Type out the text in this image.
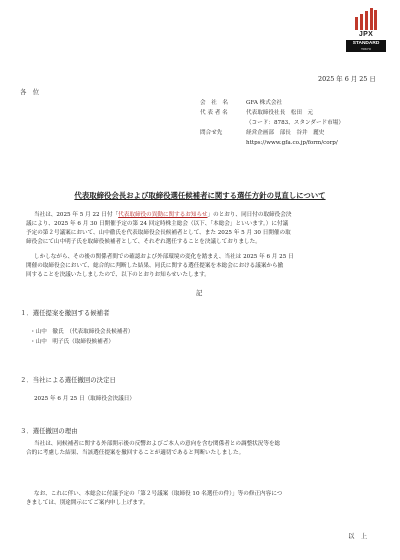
JPX
STANDARD
TOKYO
2025 年 6 月 25 日
各　位
会　社　名	GFA 株式会社
代 表 者 名	代表取締役社長　松田　元
（コード：8783、スタンダード市場）
問合せ先	経営企画部　部長　谷井　麗史
https://www.gfa.co.jp/form/corp/
代表取締役会長および取締役選任候補者に関する選任方針の見直しについて
当社は、2025 年 5 月 22 日付「代表取締役の異動に関するお知らせ」のとおり、同日付の取締役会決
議により、2025 年 6 月 30 日開催予定の第 24 回定時株主総会（以下、「本総会」といいます。）に付議
予定の第２号議案において、山中徹氏を代表取締役会長候補者として、また 2025 年 5 月 30 日開催の取
締役会にて山中明子氏を取締役候補者として、それぞれ選任することを決議しておりました。
しかしながら、その後の関係者間での確認および外部環境の変化を踏まえ、当社は 2025 年 6 月 25 日
開催の取締役会において、総合的に判断した結果、同氏に関する選任提案を本総会における議案から撤
回することを決議いたしましたので、以下のとおりお知らせいたします。
記
１．選任提案を撤回する候補者
・山中　徹氏　（代表取締役会長候補者）
・山中　明子氏（取締役候補者）
２．当社による選任撤回の決定日
2025 年 6 月 25 日（取締役会決議日）
３．選任撤回の理由
当社は、同候補者に関する外部開示後の反響およびご本人の意向を含む関係者との調整状況等を総
合的に考慮した結果、当該選任提案を撤回することが適切であると判断いたしました。
なお、これに伴い、本総会に付議予定の「第２号議案（取締役 10 名選任の件）」等の修正内容につ
きましては、別途開示にてご案内申し上げます。
以　上
